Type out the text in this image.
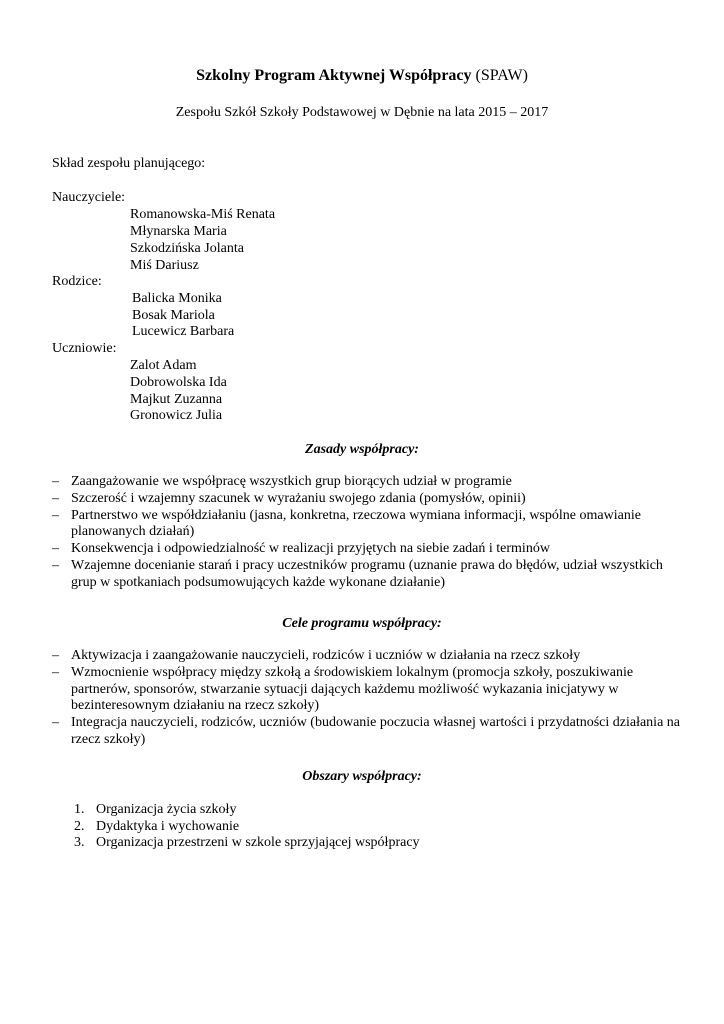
Szkolny Program Aktywnej Współpracy (SPAW)
Zespołu Szkół Szkoły Podstawowej w Dębnie na lata 2015 – 2017
Skład zespołu planującego:
Nauczyciele:
Romanowska-Miś Renata
Młynarska Maria
Szkodzińska Jolanta
Miś Dariusz
Rodzice:
Balicka Monika
Bosak Mariola
Lucewicz Barbara
Uczniowie:
Zalot Adam
Dobrowolska Ida
Majkut Zuzanna
Gronowicz Julia
Zasady współpracy:
– Zaangażowanie we współpracę wszystkich grup biorących udział w programie
– Szczerość i wzajemny szacunek w wyrażaniu swojego zdania (pomysłów, opinii)
– Partnerstwo we współdziałaniu (jasna, konkretna, rzeczowa wymiana informacji, wspólne omawianie planowanych działań)
– Konsekwencja i odpowiedzialność w realizacji przyjętych na siebie zadań i terminów
– Wzajemne docenianie starań i pracy uczestników programu (uznanie prawa do błędów, udział wszystkich grup w spotkaniach podsumowujących każde wykonane działanie)
Cele programu współpracy:
– Aktywizacja i zaangażowanie nauczycieli, rodziców i uczniów w działania na rzecz szkoły
– Wzmocnienie współpracy między szkołą a środowiskiem lokalnym (promocja szkoły, poszukiwanie partnerów, sponsorów, stwarzanie sytuacji dających każdemu możliwość wykazania inicjatywy w bezinteresownym działaniu na rzecz szkoły)
– Integracja nauczycieli, rodziców, uczniów (budowanie poczucia własnej wartości i przydatności działania na rzecz szkoły)
Obszary współpracy:
1. Organizacja życia szkoły
2. Dydaktyka i wychowanie
3. Organizacja przestrzeni w szkole sprzyjającej współpracy
